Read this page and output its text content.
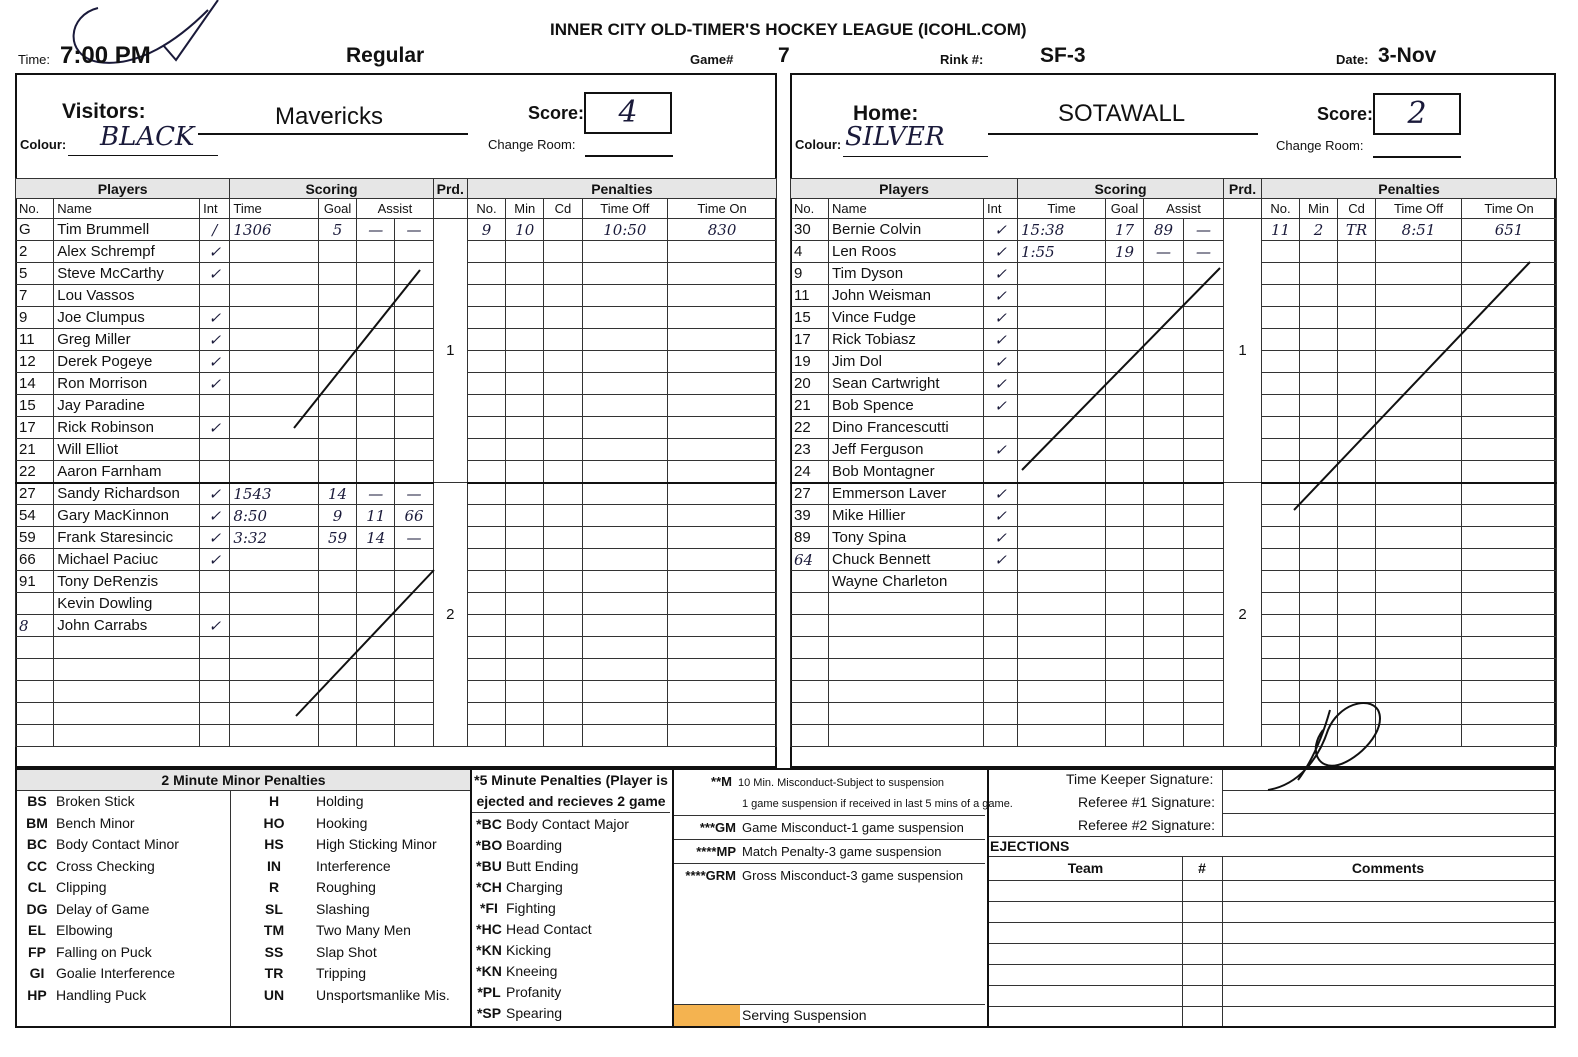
INNER CITY OLD-TIMER'S HOCKEY LEAGUE (ICOHL.COM)
Time: 7:00 PM	Regular	Game# 7	Rink #:	SF-3	Date: 3-Nov
Visitors:	Mavericks	Score:	4
Colour: BLACK	Change Room:
Players			Scoring				Prd.	Penalties				
No.	Name	Int	Time	Goal	Assist			No.	Min	Cd	Time Off	Time On
G	Tim Brummell	/	1306	5	—	—	1	9	10		10:50	830
2	Alex Schrempf	✓										
5	Steve McCarthy	✓										
7	Lou Vassos											
9	Joe Clumpus	✓										
11	Greg Miller	✓										
12	Derek Pogeye	✓										
14	Ron Morrison	✓										
15	Jay Paradine											
17	Rick Robinson	✓										
21	Will Elliot											
22	Aaron Farnham											
27	Sandy Richardson	✓	1543	14	—	—	2					
54	Gary MacKinnon	✓	8:50	9	11	66						
59	Frank Staresincic	✓	3:32	59	14	—						
66	Michael Paciuc	✓										
91	Tony DeRenzis											
	Kevin Dowling											
8	John Carrabs	✓										

Home:	SOTAWALL	Score:	2
Colour: SILVER	Change Room:
Players			Scoring				Prd.	Penalties				
No.	Name	Int	Time	Goal	Assist			No.	Min	Cd	Time Off	Time On
30	Bernie Colvin	✓	15:38	17	89	—	1	11	2	TR	8:51	651
4	Len Roos	✓	1:55	19	—	—						
9	Tim Dyson	✓										
11	John Weisman	✓										
15	Vince Fudge	✓										
17	Rick Tobiasz	✓										
19	Jim Dol	✓										
20	Sean Cartwright	✓										
21	Bob Spence	✓										
22	Dino Francescutti											
23	Jeff Ferguson	✓										
24	Bob Montagner											
27	Emmerson Laver	✓					2					
39	Mike Hillier	✓										
89	Tony Spina	✓										
64	Chuck Bennett	✓										
	Wayne Charleton											

2 Minute Minor Penalties
BS Broken Stick
BM Bench Minor
BC Body Contact Minor
CC Cross Checking
CL Clipping
DG Delay of Game
EL Elbowing
FP Falling on Puck
GI Goalie Interference
HP Handling Puck
H	Holding
HO	Hooking
HS	High Sticking Minor
IN	Interference
R	Roughing
SL	Slashing
TM	Two Many Men
SS	Slap Shot
TR	Tripping
UN	Unsportsmanlike Mis.
*5 Minute Penalties (Player is
ejected and recieves 2 game
*BC Body Contact Major
*BO Boarding
*BU Butt Ending
*CH Charging
*FI Fighting
*HC Head Contact
*KN Kicking
*KN Kneeing
*PL Profanity
*SP Spearing
**M 10 Min. Misconduct-Subject to suspension
1 game suspension if received in last 5 mins of a game.
***GM Game Misconduct-1 game suspension
****MP Match Penalty-3 game suspension
****GRM Gross Misconduct-3 game suspension
Serving Suspension
Time Keeper Signature:
Referee #1 Signature:
Referee #2 Signature:
EJECTIONS
Team	#	Comments
